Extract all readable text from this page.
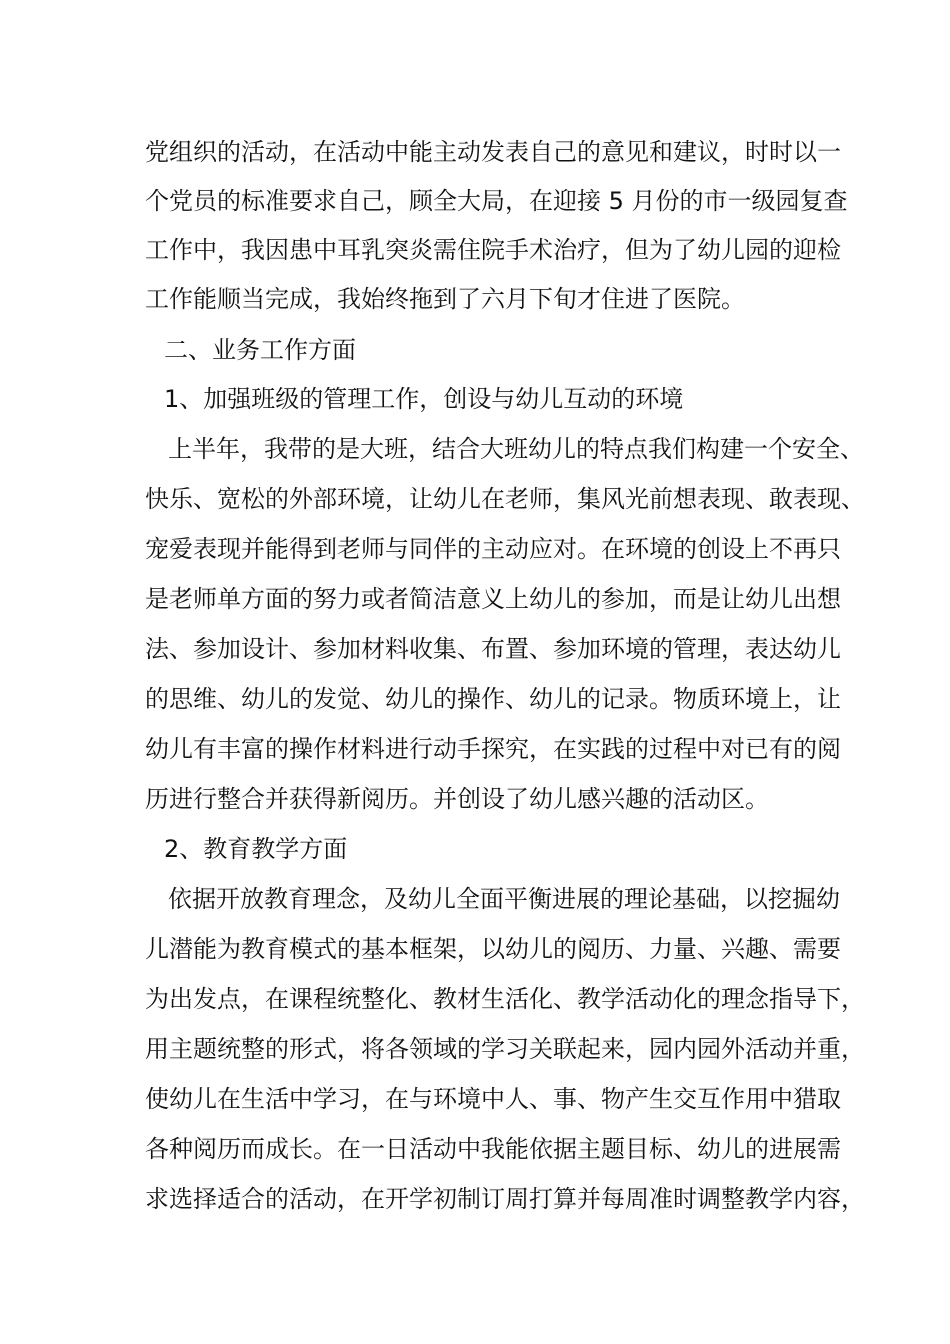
党组织的活动，在活动中能主动发表自己的意见和建议，时时以一
个党员的标准要求自己，顾全大局，在迎接 5 月份的市一级园复查
工作中，我因患中耳乳突炎需住院手术治疗，但为了幼儿园的迎检
工作能顺当完成，我始终拖到了六月下旬才住进了医院。
二、业务工作方面
1、加强班级的管理工作，创设与幼儿互动的环境
上半年，我带的是大班，结合大班幼儿的特点我们构建一个安全、
快乐、宽松的外部环境，让幼儿在老师，集风光前想表现、敢表现、
宠爱表现并能得到老师与同伴的主动应对。在环境的创设上不再只
是老师单方面的努力或者简洁意义上幼儿的参加，而是让幼儿出想
法、参加设计、参加材料收集、布置、参加环境的管理，表达幼儿
的思维、幼儿的发觉、幼儿的操作、幼儿的记录。物质环境上，让
幼儿有丰富的操作材料进行动手探究，在实践的过程中对已有的阅
历进行整合并获得新阅历。并创设了幼儿感兴趣的活动区。
2、教育教学方面
依据开放教育理念，及幼儿全面平衡进展的理论基础，以挖掘幼
儿潜能为教育模式的基本框架，以幼儿的阅历、力量、兴趣、需要
为出发点，在课程统整化、教材生活化、教学活动化的理念指导下，
用主题统整的形式，将各领域的学习关联起来，园内园外活动并重，
使幼儿在生活中学习，在与环境中人、事、物产生交互作用中猎取
各种阅历而成长。在一日活动中我能依据主题目标、幼儿的进展需
求选择适合的活动，在开学初制订周打算并每周准时调整教学内容，
